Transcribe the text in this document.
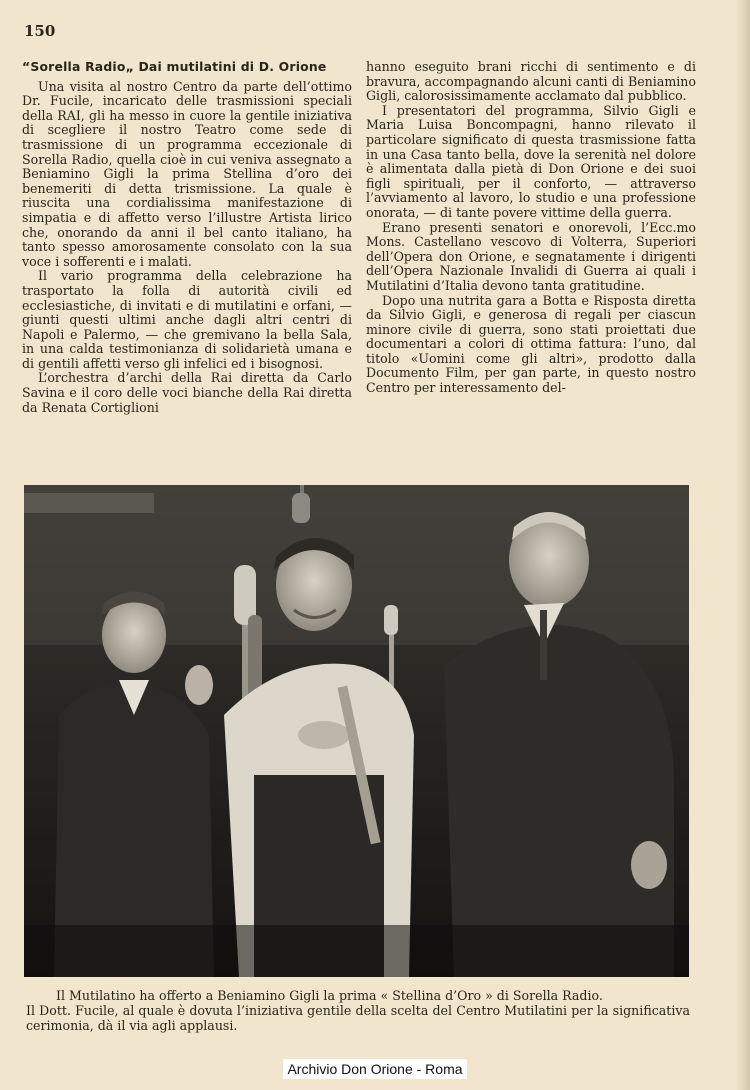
150
“Sorella Radio„ Dai mutilatini di D. Orione

Una visita al nostro Centro da parte dell’ottimo Dr. Fucile, incaricato delle trasmissioni speciali della RAI, gli ha messo in cuore la gentile iniziativa di scegliere il nostro Teatro come sede di trasmissione di un programma eccezionale di Sorella Radio, quella cioè in cui veniva assegnato a Beniamino Gigli la prima Stellina d’oro dei benemeriti di detta trismissione. La quale è riuscita una cordialissima manifestazione di simpatia e di affetto verso l’illustre Artista lirico che, onorando da anni il bel canto italiano, ha tanto spesso amorosamente consolato con la sua voce i sofferenti e i malati.

Il vario programma della celebrazione ha trasportato la folla di autorità civili ed ecclesiastiche, di invitati e di mutilatini e orfani, — giunti questi ultimi anche dagli altri centri di Napoli e Palermo, — che gremivano la bella Sala, in una calda testimonianza di solidarietà umana e di gentili affetti verso gli infelici ed i bisognosi.

L’orchestra d’archi della Rai diretta da Carlo Savina e il coro delle voci bianche della Rai diretta da Renata Cortiglioni

hanno eseguito brani ricchi di sentimento e di bravura, accompagnando alcuni canti di Beniamino Gigli, calorosissimamente acclamato dal pubblico.

I presentatori del programma, Silvio Gigli e Maria Luisa Boncompagni, hanno rilevato il particolare significato di questa trasmissione fatta in una Casa tanto bella, dove la serenità nel dolore è alimentata dalla pietà di Don Orione e dei suoi figli spirituali, per il conforto, — attraverso l’avviamento al lavoro, lo studio e una professione onorata, — di tante povere vittime della guerra.

Erano presenti senatori e onorevoli, l’Ecc.mo Mons. Castellano vescovo di Volterra, Superiori dell’Opera don Orione, e segnatamente i dirigenti dell’Opera Nazionale Invalidi di Guerra ai quali i Mutilatini d’Italia devono tanta gratitudine.

Dopo una nutrita gara a Botta e Risposta diretta da Silvio Gigli, e generosa di regali per ciascun minore civile di guerra, sono stati proiettati due documentari a colori di ottima fattura: l’uno, dal titolo «Uomini come gli altri», prodotto dalla Documento Film, per gan parte, in questo nostro Centro per interessamento del-

Il Mutilatino ha offerto a Beniamino Gigli la prima « Stellina d’Oro » di Sorella Radio.

Il Dott. Fucile, al quale è dovuta l’iniziativa gentile della scelta del Centro Mutilatini per la significativa cerimonia, dà il via agli applausi.

Archivio Don Orione - Roma
